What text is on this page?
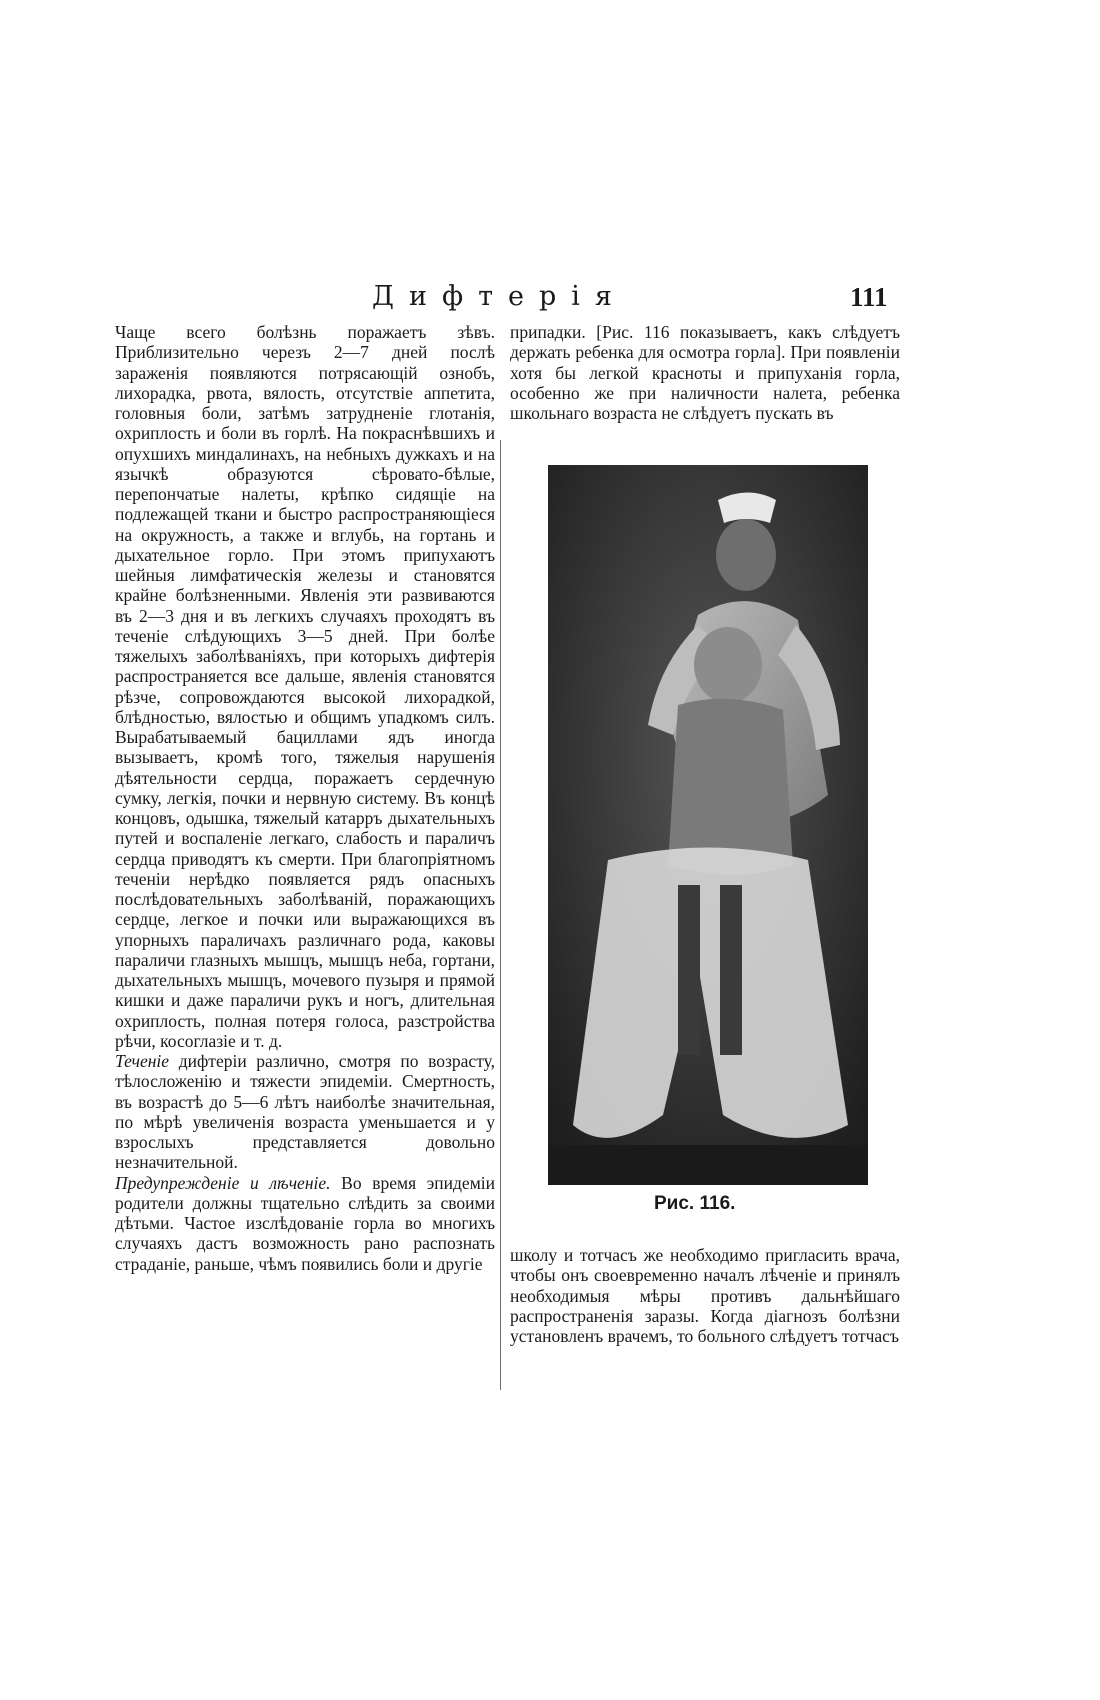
Дифтерія	111

Чаще всего болѣзнь поражаетъ зѣвъ. Приблизительно черезъ 2—7 дней послѣ зараженія появляются потрясающій ознобъ, лихорадка, рвота, вялость, отсутствіе аппетита, головныя боли, затѣмъ затрудненіе глотанія, охриплость и боли въ горлѣ. На покраснѣвшихъ и опухшихъ миндалинахъ, на небныхъ дужкахъ и на язычкѣ образуются сѣровато-бѣлые, перепончатые налеты, крѣпко сидящіе на подлежащей ткани и быстро распространяющіеся на окружность, а также и вглубь, на гортань и дыхательное горло. При этомъ припухаютъ шейныя лимфатическія железы и становятся крайне болѣзненными. Явленія эти развиваются въ 2—3 дня и въ легкихъ случаяхъ проходятъ въ теченіе слѣдующихъ 3—5 дней. При болѣе тяжелыхъ заболѣваніяхъ, при которыхъ дифтерія распространяется все дальше, явленія становятся рѣзче, сопровождаются высокой лихорадкой, блѣдностью, вялостью и общимъ упадкомъ силъ. Вырабатываемый бациллами ядъ иногда вызываетъ, кромѣ того, тяжелыя нарушенія дѣятельности сердца, поражаетъ сердечную сумку, легкія, почки и нервную систему. Въ концѣ концовъ, одышка, тяжелый катарръ дыхательныхъ путей и воспаленіе легкаго, слабость и параличъ сердца приводятъ къ смерти. При благопріятномъ теченіи нерѣдко появляется рядъ опасныхъ послѣдовательныхъ заболѣваній, поражающихъ сердце, легкое и почки или выражающихся въ упорныхъ параличахъ различнаго рода, каковы параличи глазныхъ мышцъ, мышцъ неба, гортани, дыхательныхъ мышцъ, мочевого пузыря и прямой кишки и даже параличи рукъ и ногъ, длительная охриплость, полная потеря голоса, разстройства рѣчи, косоглазіе и т. д.

Теченіе дифтеріи различно, смотря по возрасту, тѣлосложенію и тяжести эпидеміи. Смертность, въ возрастѣ до 5—6 лѣтъ наиболѣе значительная, по мѣрѣ увеличенія возраста уменьшается и у взрослыхъ представляется довольно незначительной.

Предупрежденіе и лѣченіе. Во время эпидеміи родители должны тщательно слѣдить за своими дѣтьми. Частое изслѣдованіе горла во многихъ случаяхъ дастъ возможность рано распознать страданіе, раньше, чѣмъ появились боли и другіе

припадки. [Рис. 116 показываетъ, какъ слѣдуетъ держать ребенка для осмотра горла]. При появленіи хотя бы легкой красноты и припуханія горла, особенно же при наличности налета, ребенка школьнаго возраста не слѣдуетъ пускать въ

Рис. 116.

школу и тотчасъ же необходимо пригласить врача, чтобы онъ своевременно началъ лѣченіе и принялъ необходимыя мѣры противъ дальнѣйшаго распространенія заразы. Когда діагнозъ болѣзни установленъ врачемъ, то больного слѣдуетъ тотчасъ
